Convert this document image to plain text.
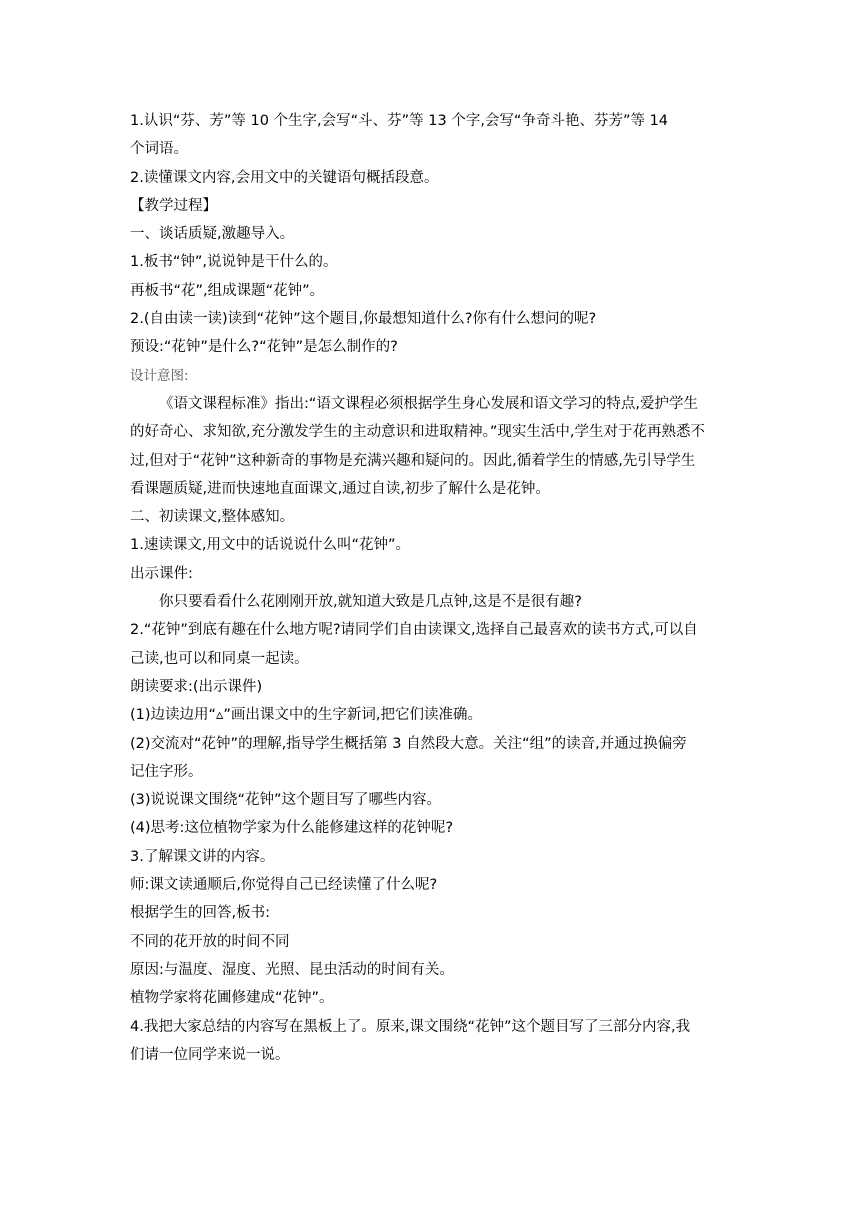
1.认识“芬、芳”等 10 个生字,会写“斗、芬”等 13 个字,会写“争奇斗艳、芬芳”等 14
个词语。
2.读懂课文内容,会用文中的关键语句概括段意。
【教学过程】
一、谈话质疑,激趣导入。
1.板书“钟”,说说钟是干什么的。
再板书“花”,组成课题“花钟”。
2.(自由读一读)读到“花钟”这个题目,你最想知道什么?你有什么想问的呢?
预设:“花钟”是什么?“花钟”是怎么制作的?
设计意图:
《语文课程标准》指出:“语文课程必须根据学生身心发展和语文学习的特点,爱护学生
的好奇心、求知欲,充分激发学生的主动意识和进取精神。”现实生活中,学生对于花再熟悉不
过,但对于“花钟”这种新奇的事物是充满兴趣和疑问的。因此,循着学生的情感,先引导学生
看课题质疑,进而快速地直面课文,通过自读,初步了解什么是花钟。
二、初读课文,整体感知。
1.速读课文,用文中的话说说什么叫“花钟”。
出示课件:
你只要看看什么花刚刚开放,就知道大致是几点钟,这是不是很有趣?
2.“花钟”到底有趣在什么地方呢?请同学们自由读课文,选择自己最喜欢的读书方式,可以自
己读,也可以和同桌一起读。
朗读要求:(出示课件)
(1)边读边用“▵”画出课文中的生字新词,把它们读准确。
(2)交流对“花钟”的理解,指导学生概括第 3 自然段大意。关注“组”的读音,并通过换偏旁
记住字形。
(3)说说课文围绕“花钟”这个题目写了哪些内容。
(4)思考:这位植物学家为什么能修建这样的花钟呢?
3.了解课文讲的内容。
师:课文读通顺后,你觉得自己已经读懂了什么呢?
根据学生的回答,板书:
不同的花开放的时间不同
原因:与温度、湿度、光照、昆虫活动的时间有关。
植物学家将花圃修建成“花钟”。
4.我把大家总结的内容写在黑板上了。原来,课文围绕“花钟”这个题目写了三部分内容,我
们请一位同学来说一说。
